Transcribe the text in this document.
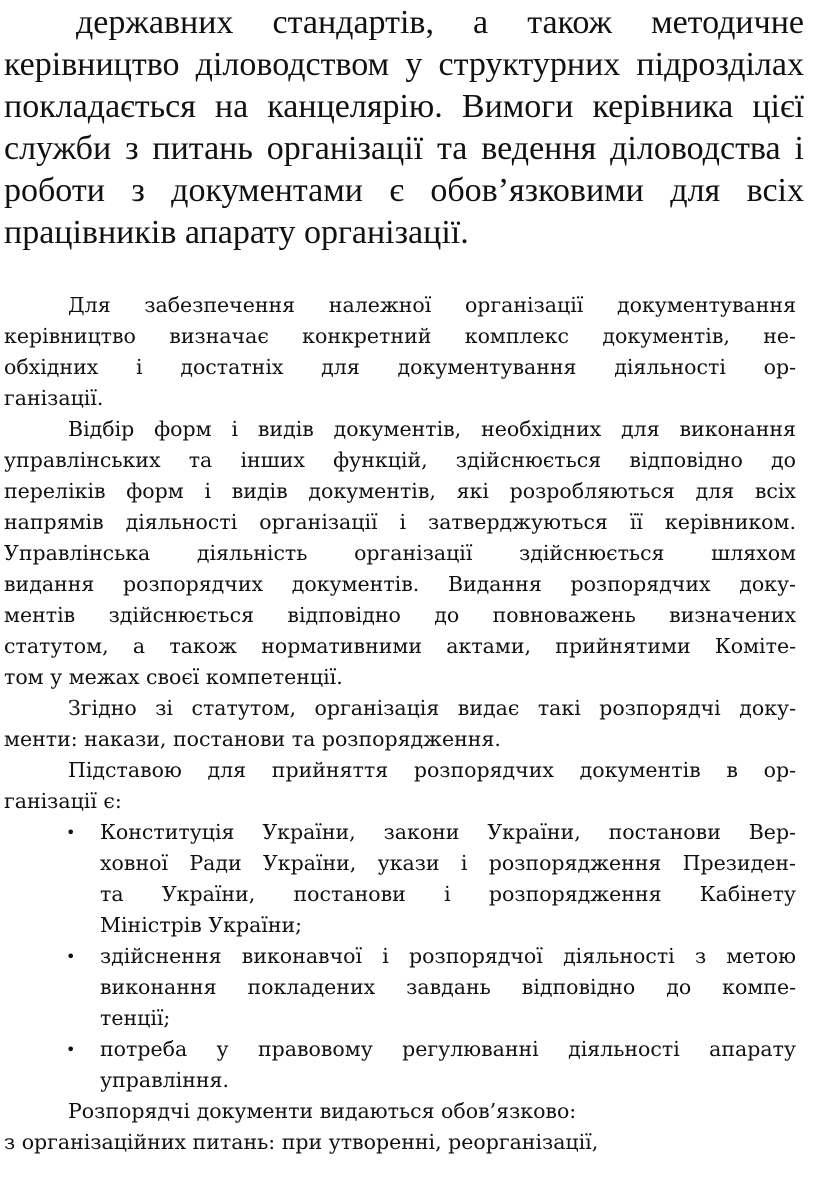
державних стандартів, а також методичне
керівництво діловодством у структурних підрозділах
покладається на канцелярію. Вимоги керівника цієї
служби з питань організації та ведення діловодства і
роботи з документами є обов’язковими для всіх
працівників апарату організації.
Для забезпечення належної організації документування
керівництво визначає конкретний комплекс документів, не-
обхідних і достатніх для документування діяльності ор-
ганізації.
Відбір форм і видів документів, необхідних для виконання
управлінських та інших функцій, здійснюється відповідно до
переліків форм і видів документів, які розробляються для всіх
напрямів діяльності організації і затверджуються її керівником.
Управлінська діяльність організації здійснюється шляхом
видання розпорядчих документів. Видання розпорядчих доку-
ментів здійснюється відповідно до повноважень визначених
статутом, а також нормативними актами, прийнятими Коміте-
том у межах своєї компетенції.
Згідно зі статутом, організація видає такі розпорядчі доку-
менти: накази, постанови та розпорядження.
Підставою для прийняття розпорядчих документів в ор-
ганізації є:
•	Конституція України, закони України, постанови Вер-
ховної Ради України, укази і розпорядження Президен-
та України, постанови і розпорядження Кабінету
Міністрів України;
•	здійснення виконавчої і розпорядчої діяльності з метою
виконання покладених завдань відповідно до компе-
тенції;
•	потреба у правовому регулюванні діяльності апарату
управління.
Розпорядчі документи видаються обов’язково:
з організаційних питань: при утворенні, реорганізації,
